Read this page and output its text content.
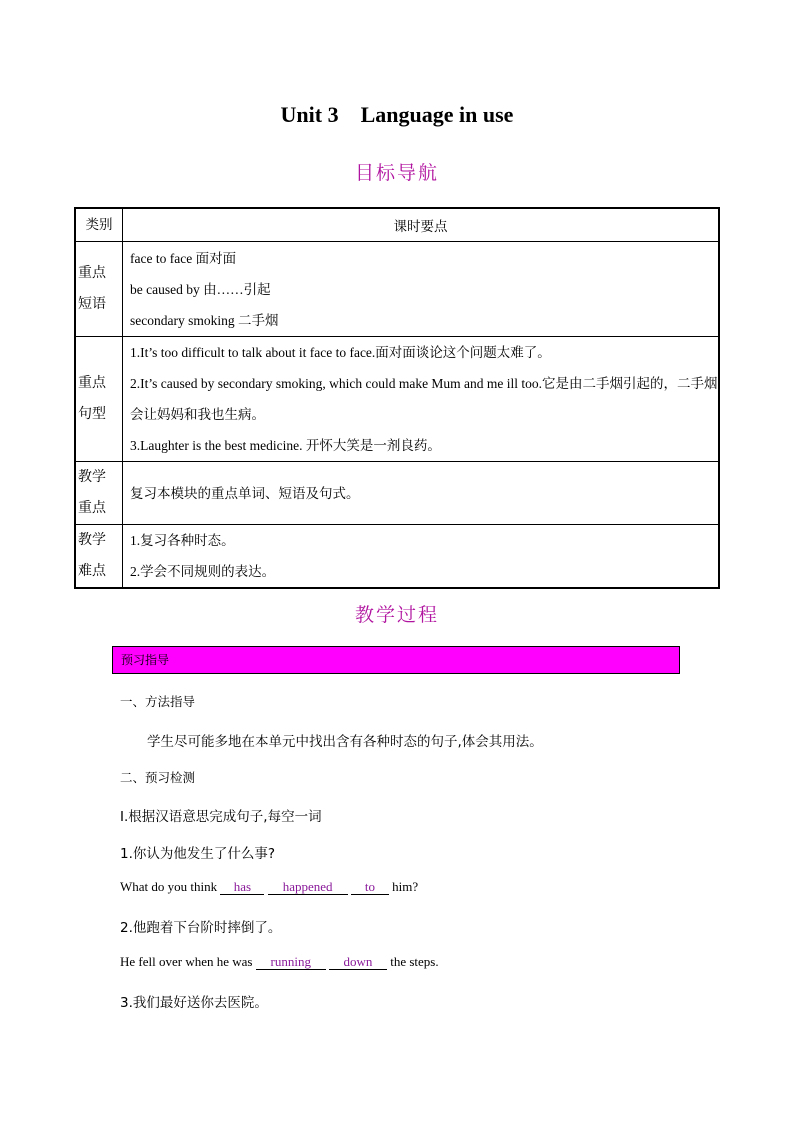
Unit 3 Language in use
目标导航
类别	课时要点

重点
短语	face to face 面对面
be caused by 由……引起
secondary smoking 二手烟

重点
句型	1.It’s too difficult to talk about it face to face.面对面谈论这个问题太难了。
2.It’s caused by secondary smoking, which could make Mum and me ill too.它是由二手烟引起的，二手烟会让妈妈和我也生病。
3.Laughter is the best medicine. 开怀大笑是一剂良药。

教学
重点	复习本模块的重点单词、短语及句式。

教学
难点	1.复习各种时态。
2.学会不同规则的表达。
教学过程
预习指导
一、方法指导
学生尽可能多地在本单元中找出含有各种时态的句子,体会其用法。
二、预习检测
Ⅰ.根据汉语意思完成句子,每空一词
1.你认为他发生了什么事?
What do you think has happened to him?
2.他跑着下台阶时摔倒了。
He fell over when he was running	down the steps.
3.我们最好送你去医院。
